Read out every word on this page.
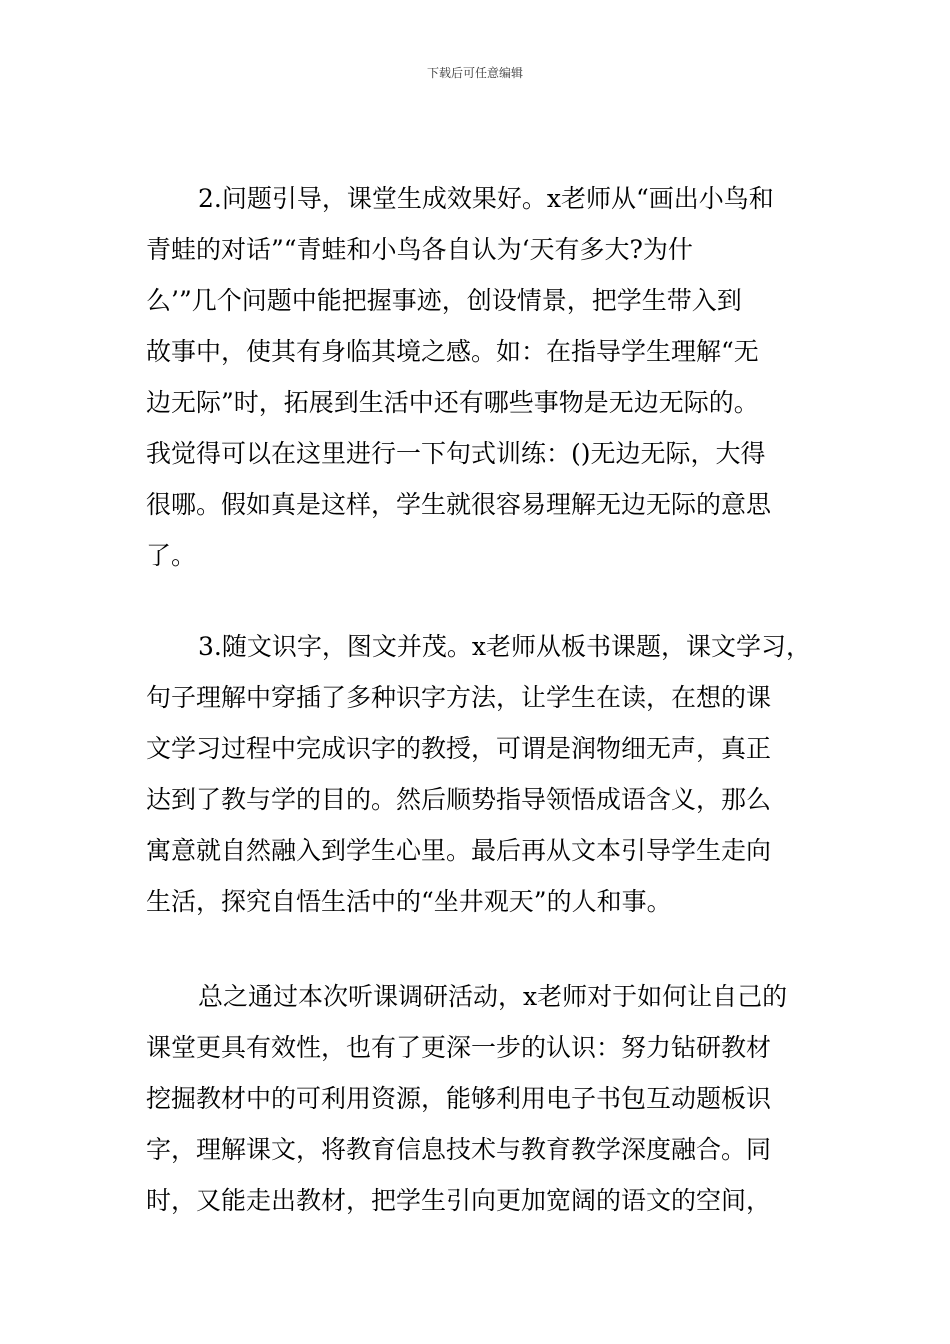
下载后可任意编辑
2.问题引导，课堂生成效果好。x老师从“画出小鸟和
青蛙的对话”“青蛙和小鸟各自认为‘天有多大?为什
么’”几个问题中能把握事迹，创设情景，把学生带入到
故事中，使其有身临其境之感。如：在指导学生理解“无
边无际”时，拓展到生活中还有哪些事物是无边无际的。
我觉得可以在这里进行一下句式训练：()无边无际，大得
很哪。假如真是这样，学生就很容易理解无边无际的意思
了。
3.随文识字，图文并茂。x老师从板书课题，课文学习，
句子理解中穿插了多种识字方法，让学生在读，在想的课
文学习过程中完成识字的教授，可谓是润物细无声，真正
达到了教与学的目的。然后顺势指导领悟成语含义，那么
寓意就自然融入到学生心里。最后再从文本引导学生走向
生活，探究自悟生活中的“坐井观天”的人和事。
总之通过本次听课调研活动，x老师对于如何让自己的
课堂更具有效性，也有了更深一步的认识：努力钻研教材
挖掘教材中的可利用资源，能够利用电子书包互动题板识
字，理解课文，将教育信息技术与教育教学深度融合。同
时，又能走出教材，把学生引向更加宽阔的语文的空间，
